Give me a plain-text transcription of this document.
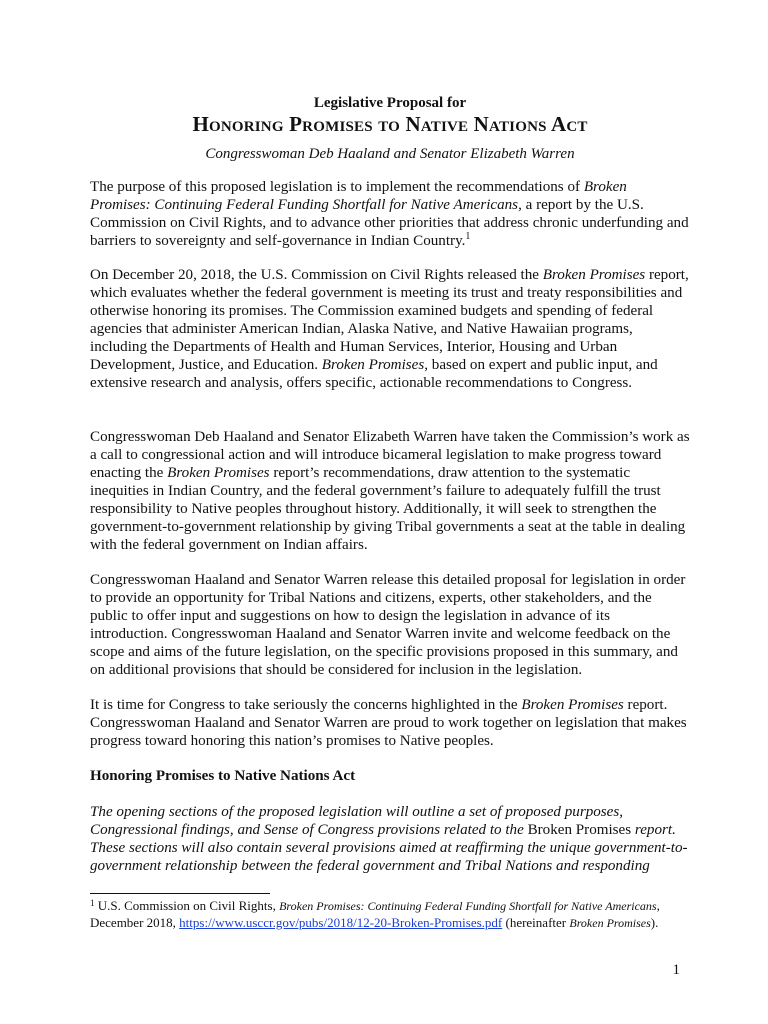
Legislative Proposal for
Honoring Promises to Native Nations Act
Congresswoman Deb Haaland and Senator Elizabeth Warren

The purpose of this proposed legislation is to implement the recommendations of Broken Promises: Continuing Federal Funding Shortfall for Native Americans, a report by the U.S. Commission on Civil Rights, and to advance other priorities that address chronic underfunding and barriers to sovereignty and self-governance in Indian Country.$^1$

On December 20, 2018, the U.S. Commission on Civil Rights released the Broken Promises report, which evaluates whether the federal government is meeting its trust and treaty responsibilities and otherwise honoring its promises. The Commission examined budgets and spending of federal agencies that administer American Indian, Alaska Native, and Native Hawaiian programs, including the Departments of Health and Human Services, Interior, Housing and Urban Development, Justice, and Education. Broken Promises, based on expert and public input, and extensive research and analysis, offers specific, actionable recommendations to Congress.

Congresswoman Deb Haaland and Senator Elizabeth Warren have taken the Commission’s work as a call to congressional action and will introduce bicameral legislation to make progress toward enacting the Broken Promises report’s recommendations, draw attention to the systematic inequities in Indian Country, and the federal government’s failure to adequately fulfill the trust responsibility to Native peoples throughout history. Additionally, it will seek to strengthen the government-to-government relationship by giving Tribal governments a seat at the table in dealing with the federal government on Indian affairs.

Congresswoman Haaland and Senator Warren release this detailed proposal for legislation in order to provide an opportunity for Tribal Nations and citizens, experts, other stakeholders, and the public to offer input and suggestions on how to design the legislation in advance of its introduction. Congresswoman Haaland and Senator Warren invite and welcome feedback on the scope and aims of the future legislation, on the specific provisions proposed in this summary, and on additional provisions that should be considered for inclusion in the legislation.

It is time for Congress to take seriously the concerns highlighted in the Broken Promises report. Congresswoman Haaland and Senator Warren are proud to work together on legislation that makes progress toward honoring this nation’s promises to Native peoples.

Honoring Promises to Native Nations Act

The opening sections of the proposed legislation will outline a set of proposed purposes, Congressional findings, and Sense of Congress provisions related to the Broken Promises report. These sections will also contain several provisions aimed at reaffirming the unique government-to-government relationship between the federal government and Tribal Nations and responding

$^1$ U.S. Commission on Civil Rights, Broken Promises: Continuing Federal Funding Shortfall for Native Americans, December 2018, https://www.usccr.gov/pubs/2018/12-20-Broken-Promises.pdf (hereinafter Broken Promises).
1
